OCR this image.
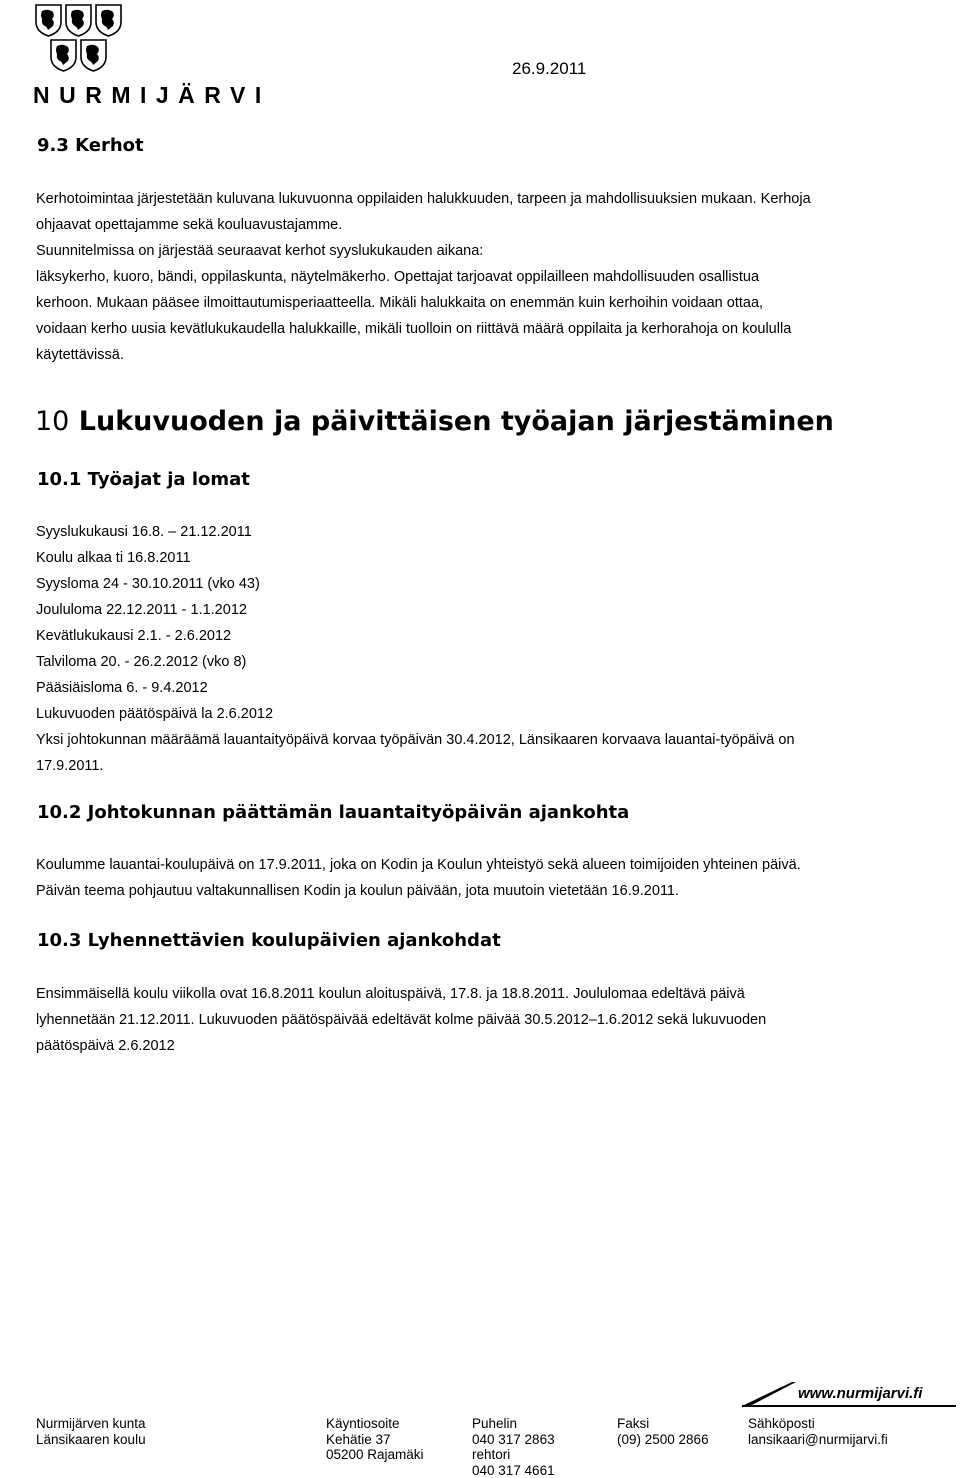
NURMIJÄRVI
26.9.2011
9.3 Kerhot
Kerhotoimintaa järjestetään kuluvana lukuvuonna oppilaiden halukkuuden, tarpeen ja mahdollisuuksien mukaan. Kerhoja
ohjaavat opettajamme sekä kouluavustajamme.
Suunnitelmissa on järjestää seuraavat kerhot syyslukukauden aikana:
läksykerho, kuoro, bändi, oppilaskunta, näytelmäkerho. Opettajat tarjoavat oppilailleen mahdollisuuden osallistua
kerhoon. Mukaan pääsee ilmoittautumisperiaatteella. Mikäli halukkaita on enemmän kuin kerhoihin voidaan ottaa,
voidaan kerho uusia kevätlukukaudella halukkaille, mikäli tuolloin on riittävä määrä oppilaita ja kerhorahoja on koululla
käytettävissä.
10 Lukuvuoden ja päivittäisen työajan järjestäminen
10.1 Työajat ja lomat
Syyslukukausi 16.8. – 21.12.2011
Koulu alkaa ti 16.8.2011
Syysloma 24 - 30.10.2011 (vko 43)
Joululoma 22.12.2011 - 1.1.2012
Kevätlukukausi 2.1. - 2.6.2012
Talviloma 20. - 26.2.2012 (vko 8)
Pääsiäisloma 6. - 9.4.2012
Lukuvuoden päätöspäivä la 2.6.2012
Yksi johtokunnan määräämä lauantaityöpäivä korvaa työpäivän 30.4.2012, Länsikaaren korvaava lauantai-työpäivä on
17.9.2011.
10.2 Johtokunnan päättämän lauantaityöpäivän ajankohta
Koulumme lauantai-koulupäivä on 17.9.2011, joka on Kodin ja Koulun yhteistyö sekä alueen toimijoiden yhteinen päivä.
Päivän teema pohjautuu valtakunnallisen Kodin ja koulun päivään, jota muutoin vietetään 16.9.2011.
10.3 Lyhennettävien koulupäivien ajankohdat
Ensimmäisellä koulu viikolla ovat 16.8.2011 koulun aloituspäivä, 17.8. ja 18.8.2011. Joululomaa edeltävä päivä
lyhennetään 21.12.2011. Lukuvuoden päätöspäivää edeltävät kolme päivää 30.5.2012–1.6.2012 sekä lukuvuoden
päätöspäivä 2.6.2012
www.nurmijarvi.fi
Nurmijärven kunta
Länsikaaren koulu
Käyntiosoite
Kehätie 37
05200 Rajamäki
Puhelin
040 317 2863
rehtori
040 317 4661
Faksi
(09) 2500 2866
Sähköposti
lansikaari@nurmijarvi.fi
